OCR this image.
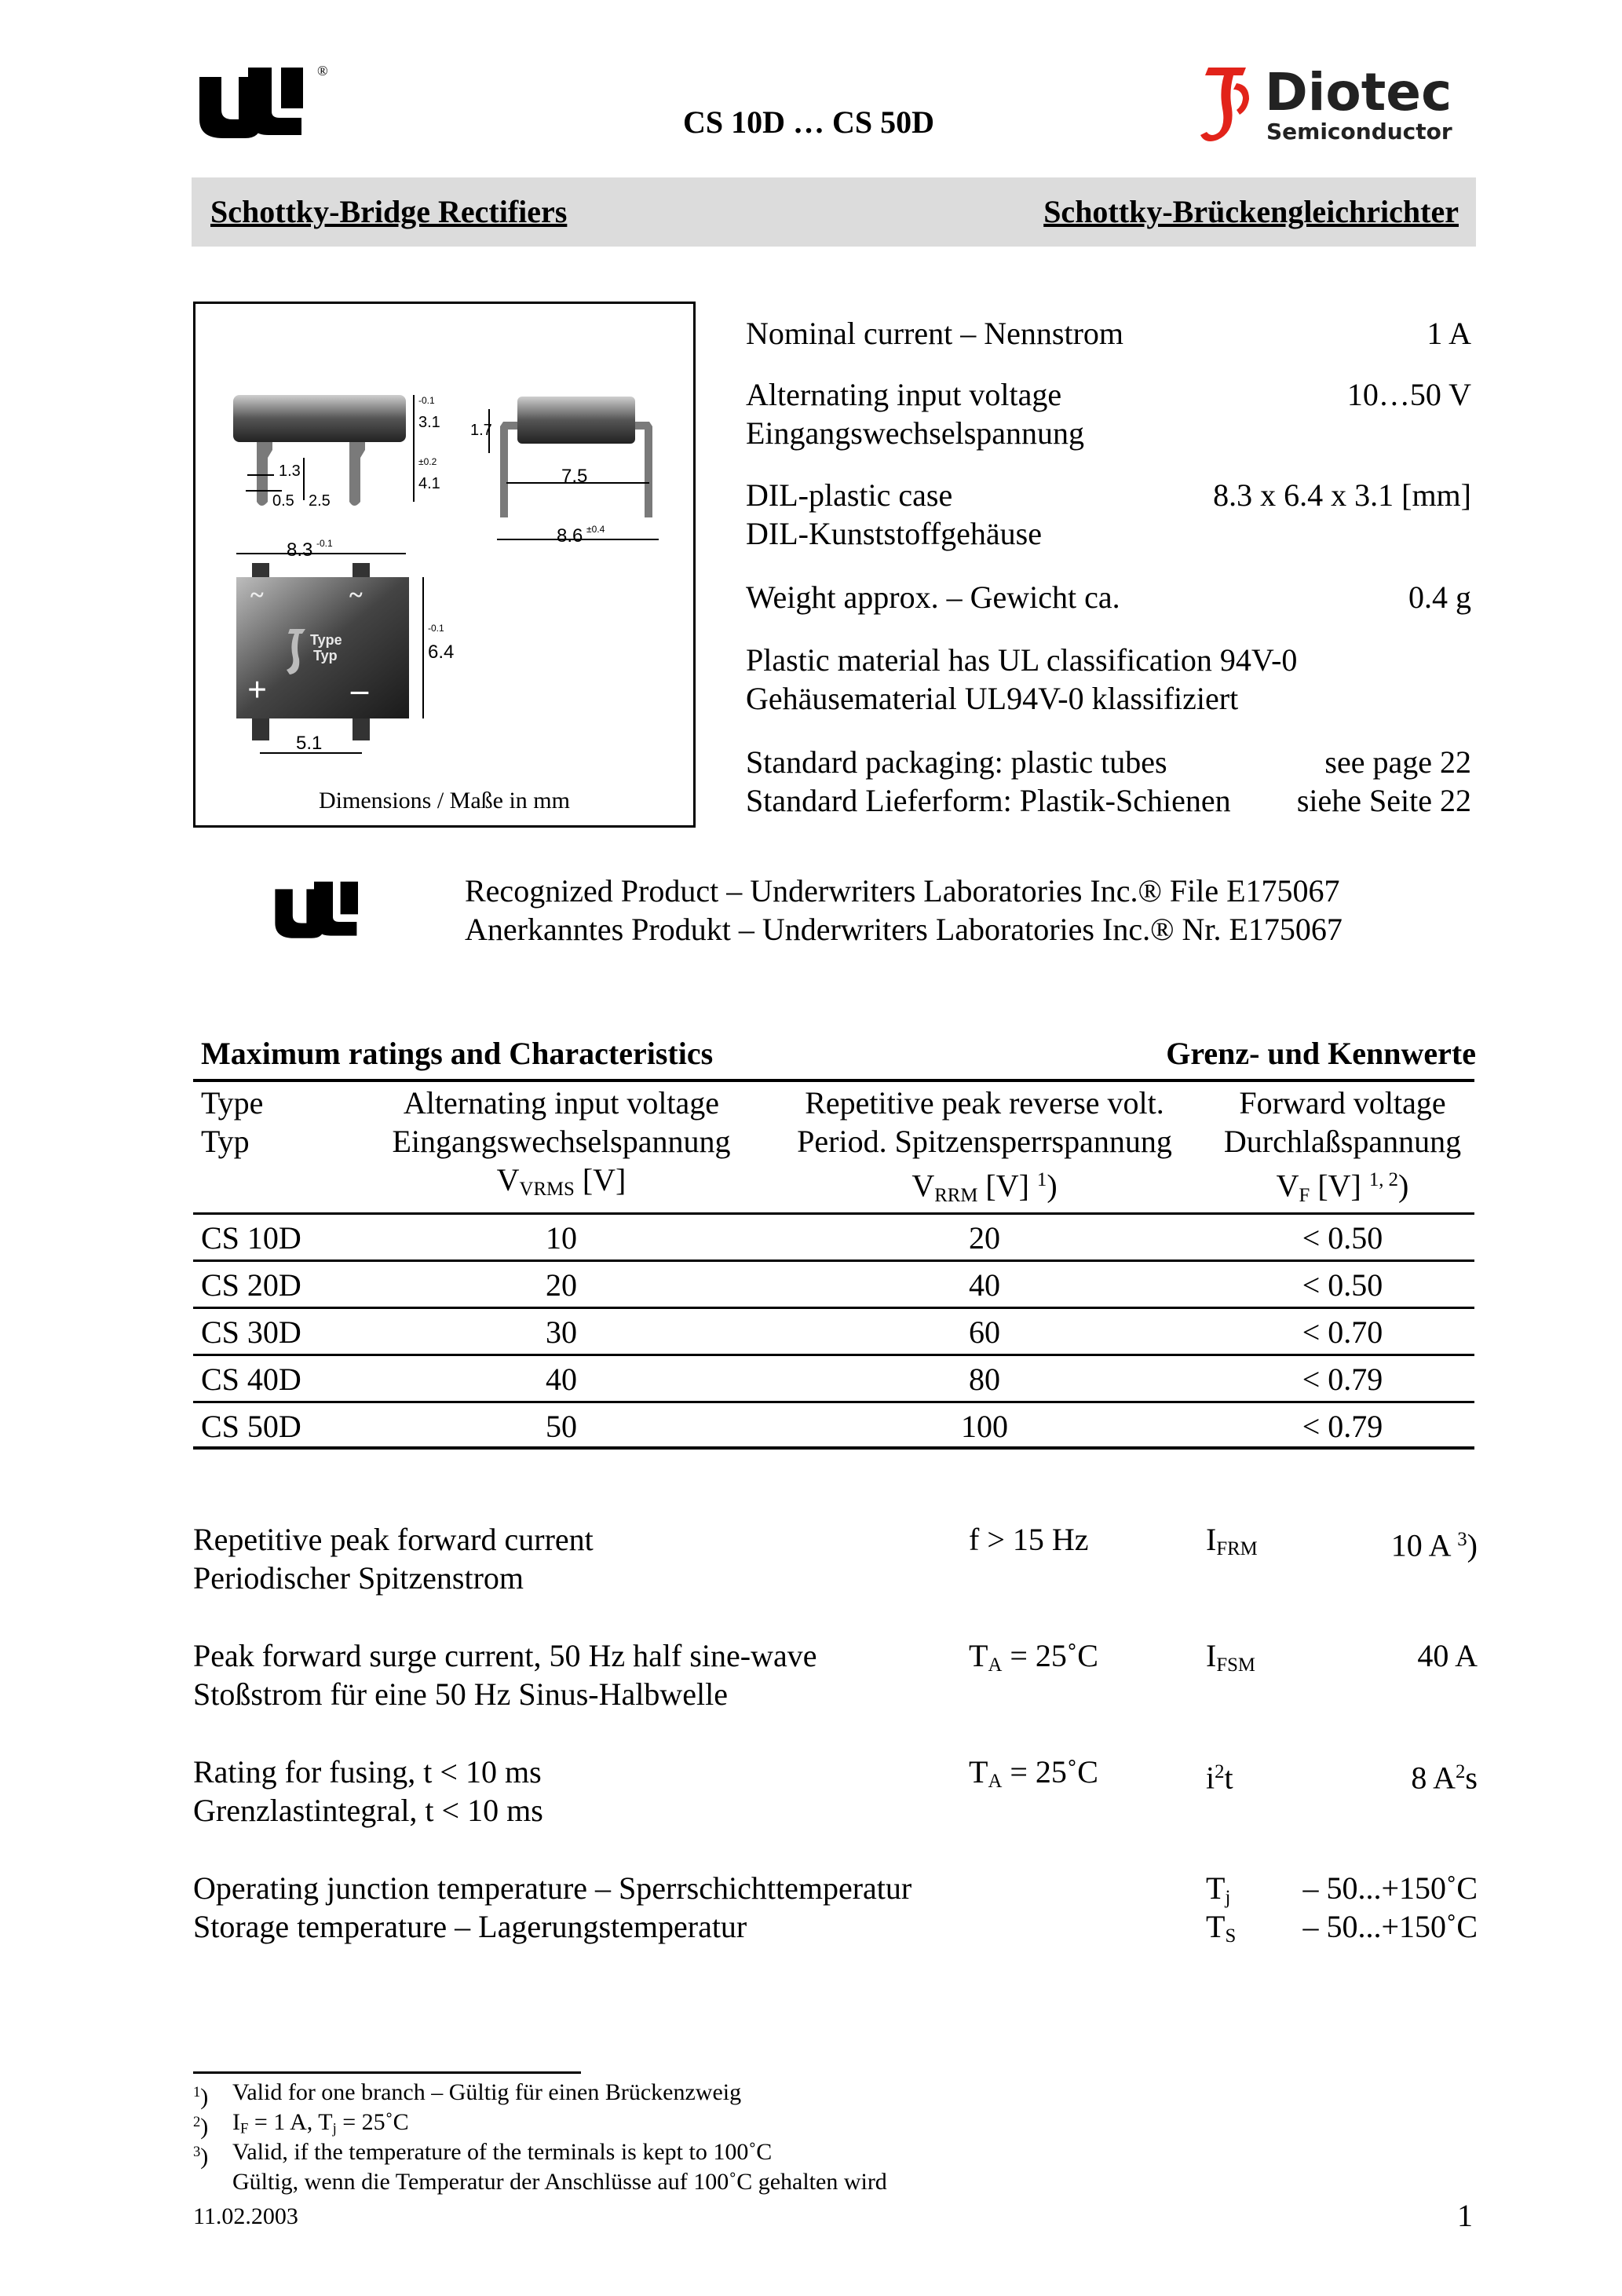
®
CS 10D … CS 50D	Diotec
Semiconductor
Schottky-Bridge Rectifiers	Schottky-Brückengleichrichter
1.3
0.5 2.5
3.1
-0.1
4.1
±0.2
1.7
7.5
8.6 ±0.4
8.3 -0.1
6.4
-0.1
5.1
Type
Typ
~	~
+ –
Dimensions / Maße in mm
Nominal current – Nennstrom	1 A
Alternating input voltage
Eingangswechselspannung
10…50 V
DIL-plastic case
DIL-Kunststoffgehäuse
8.3 x 6.4 x 3.1 [mm]
Weight approx. – Gewicht ca.	0.4 g
Plastic material has UL classification 94V-0
Gehäusematerial UL94V-0 klassifiziert
Standard packaging: plastic tubes
Standard Lieferform: Plastik-Schienen
see page 22
siehe Seite 22
Recognized Product – Underwriters Laboratories Inc.® File E175067
Anerkanntes Produkt – Underwriters Laboratories Inc.® Nr. E175067
Maximum ratings and Characteristics	Grenz- und Kennwerte
Type
Typ
Alternating input voltage
Eingangswechselspannung
$V_{VRMS}$ [V]
Repetitive peak reverse volt.
Period. Spitzensperrspannung
$V_{RRM}$ [V] $^1$)
Forward voltage
Durchlaßspannung
$V_F$ [V] $^{1, 2}$)
CS 10D	10	20	< 0.50
CS 20D	20	40	< 0.50
CS 30D	30	60	< 0.70
CS 40D	40	80	< 0.79
CS 50D	50	100	< 0.79
Repetitive peak forward current
Periodischer Spitzenstrom
f > 15 Hz	$I_{FRM}$	10 A $^3$)
Peak forward surge current, 50 Hz half sine-wave
Stoßstrom für eine 50 Hz Sinus-Halbwelle
$T_A$ = 25˚C	$I_{FSM}$	40 A
Rating for fusing, t < 10 ms
Grenzlastintegral, t < 10 ms
$T_A$ = 25˚C	$i^2t$	8 $A^2s$
Operating junction temperature – Sperrschichttemperatur	$T_j$ – 50...+150˚C
Storage temperature – Lagerungstemperatur	$T_S$ – 50...+150˚C
$^1$) Valid for one branch – Gültig für einen Brückenzweig
$^2$) $I_F = 1$ A, $T_j$ = 25˚C
$^3$) Valid, if the temperature of the terminals is kept to 100˚C
Gültig, wenn die Temperatur der Anschlüsse auf 100˚C gehalten wird
11.02.2003	1
